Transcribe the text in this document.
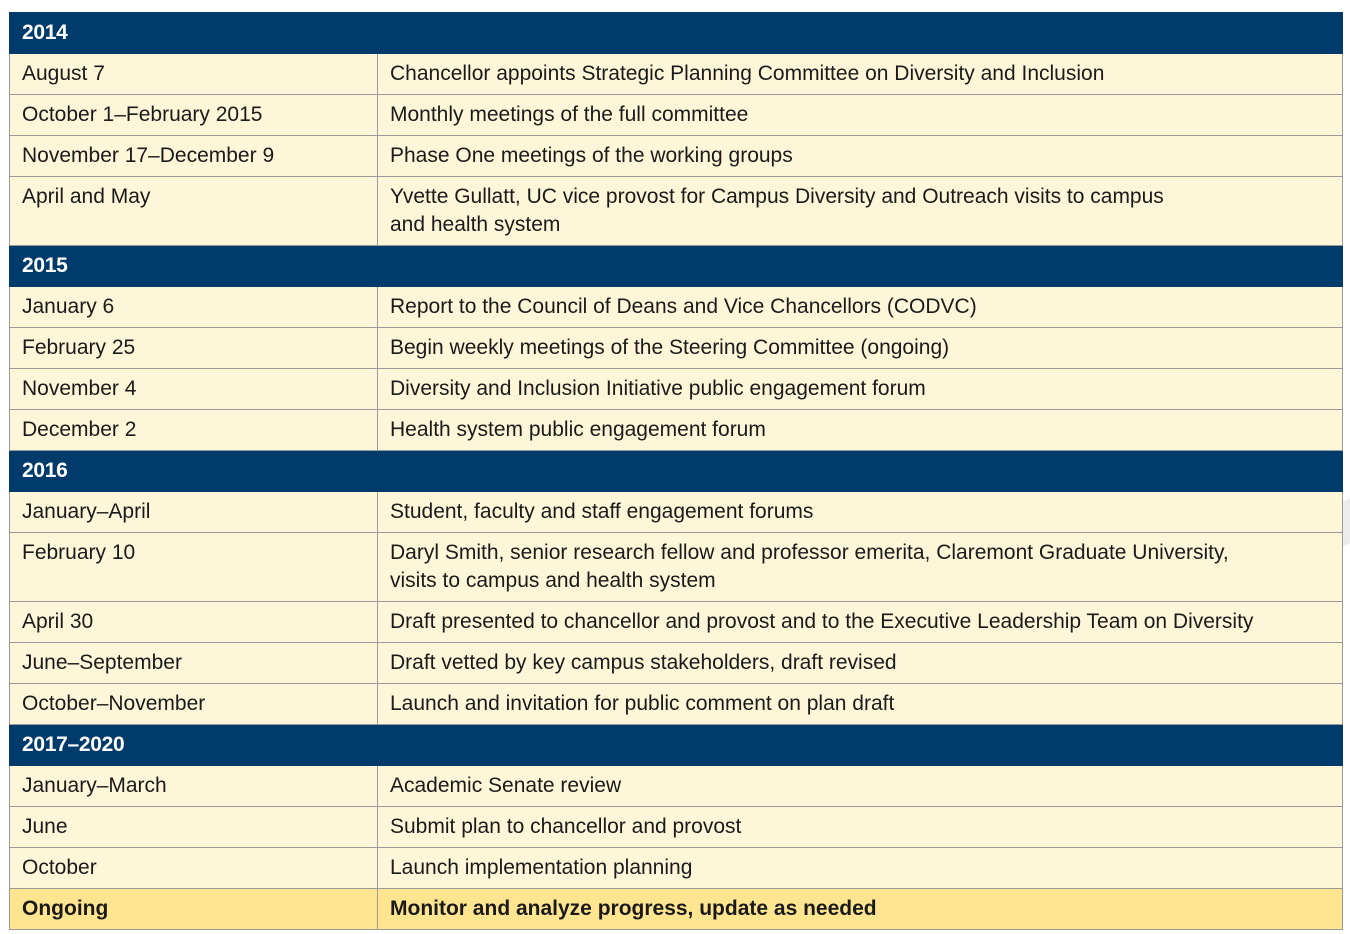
2014	
August 7	Chancellor appoints Strategic Planning Committee on Diversity and Inclusion
October 1–February 2015	Monthly meetings of the full committee
November 17–December 9	Phase One meetings of the working groups
April and May	Yvette Gullatt, UC vice provost for Campus Diversity and Outreach visits to campus
and health system

2015	
January 6	Report to the Council of Deans and Vice Chancellors (CODVC)
February 25	Begin weekly meetings of the Steering Committee (ongoing)
November 4	Diversity and Inclusion Initiative public engagement forum
December 2	Health system public engagement forum
2016	
January–April	Student, faculty and staff engagement forums
February 10	Daryl Smith, senior research fellow and professor emerita, Claremont Graduate University,
visits to campus and health system

April 30	Draft presented to chancellor and provost and to the Executive Leadership Team on Diversity
June–September	Draft vetted by key campus stakeholders, draft revised
October–November	Launch and invitation for public comment on plan draft
2017–2020	
January–March	Academic Senate review
June	Submit plan to chancellor and provost
October	Launch implementation planning
Ongoing	Monitor and analyze progress, update as needed
